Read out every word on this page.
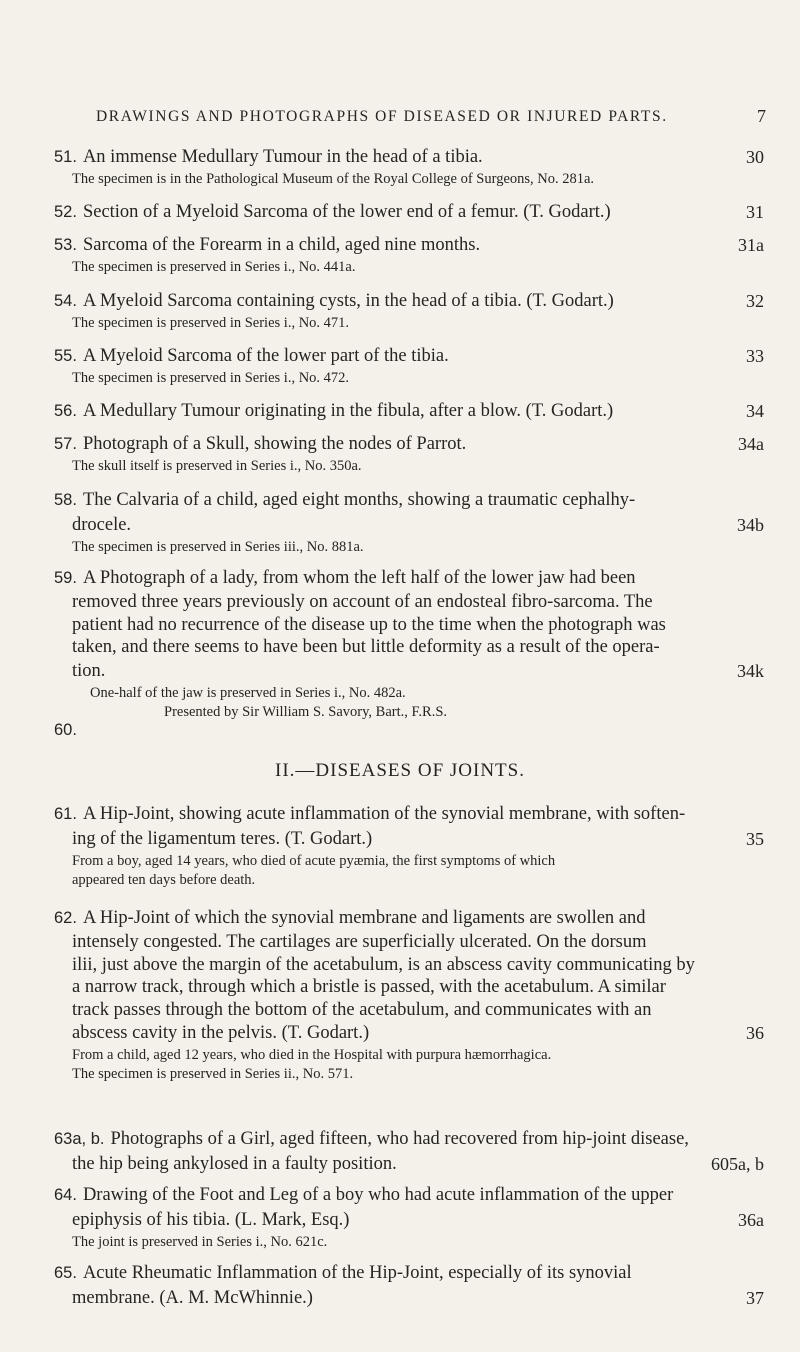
DRAWINGS AND PHOTOGRAPHS OF DISEASED OR INJURED PARTS.	7
51. An immense Medullary Tumour in the head of a tibia.	30
The specimen is in the Pathological Museum of the Royal College of Surgeons, No. 281a.
52. Section of a Myeloid Sarcoma of the lower end of a femur. (T. Godart.)	31
53. Sarcoma of the Forearm in a child, aged nine months.	31a
The specimen is preserved in Series i., No. 441a.
54. A Myeloid Sarcoma containing cysts, in the head of a tibia. (T. Godart.)	32
The specimen is preserved in Series i., No. 471.
55. A Myeloid Sarcoma of the lower part of the tibia.	33
The specimen is preserved in Series i., No. 472.
56. A Medullary Tumour originating in the fibula, after a blow. (T. Godart.)	34
57. Photograph of a Skull, showing the nodes of Parrot.	34a
The skull itself is preserved in Series i., No. 350a.
58. The Calvaria of a child, aged eight months, showing a traumatic cephalhy-
drocele.	34b
The specimen is preserved in Series iii., No. 881a.
59. A Photograph of a lady, from whom the left half of the lower jaw had been
removed three years previously on account of an endosteal fibro-sarcoma. The
patient had no recurrence of the disease up to the time when the photograph was
taken, and there seems to have been but little deformity as a result of the opera-
tion.	34k
One-half of the jaw is preserved in Series i., No. 482a.
Presented by Sir William S. Savory, Bart., F.R.S.
60.
II.—DISEASES OF JOINTS.
61. A Hip-Joint, showing acute inflammation of the synovial membrane, with soften-
ing of the ligamentum teres. (T. Godart.)	35
From a boy, aged 14 years, who died of acute pyæmia, the first symptoms of which
appeared ten days before death.
62. A Hip-Joint of which the synovial membrane and ligaments are swollen and
intensely congested. The cartilages are superficially ulcerated. On the dorsum
ilii, just above the margin of the acetabulum, is an abscess cavity communicating by
a narrow track, through which a bristle is passed, with the acetabulum. A similar
track passes through the bottom of the acetabulum, and communicates with an
abscess cavity in the pelvis. (T. Godart.)	36
From a child, aged 12 years, who died in the Hospital with purpura hæmorrhagica.
The specimen is preserved in Series ii., No. 571.
63a, b. Photographs of a Girl, aged fifteen, who had recovered from hip-joint disease,
the hip being ankylosed in a faulty position.	605a, b
64. Drawing of the Foot and Leg of a boy who had acute inflammation of the upper
epiphysis of his tibia. (L. Mark, Esq.)	36a
The joint is preserved in Series i., No. 621c.
65. Acute Rheumatic Inflammation of the Hip-Joint, especially of its synovial
membrane. (A. M. McWhinnie.)	37
